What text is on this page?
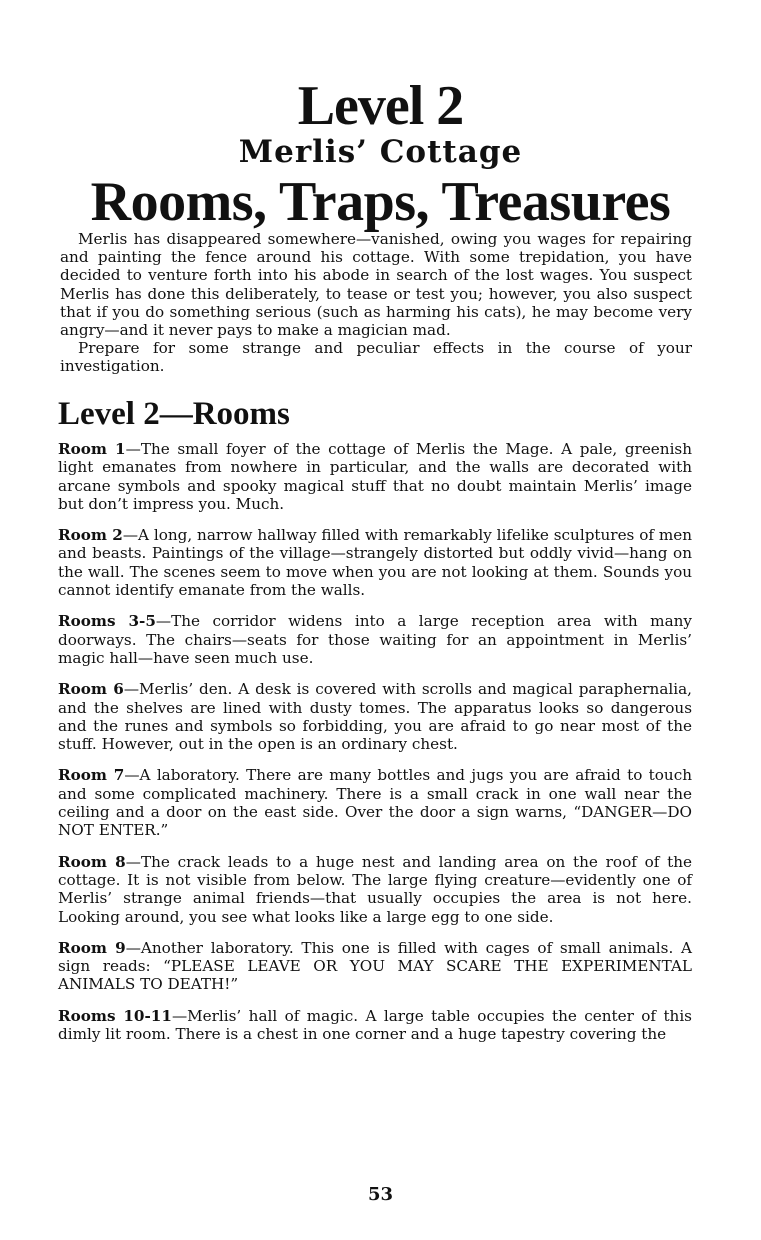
Level 2
Merlis’ Cottage
Rooms, Traps, Treasures

Merlis has disappeared somewhere—vanished, owing you wages for repairing and painting the fence around his cottage. With some trepidation, you have decided to venture forth into his abode in search of the lost wages. You suspect Merlis has done this deliberately, to tease or test you; however, you also suspect that if you do something serious (such as harming his cats), he may become very angry—and it never pays to make a magician mad.

Prepare for some strange and peculiar effects in the course of your investigation.

Level 2—Rooms

Room 1—The small foyer of the cottage of Merlis the Mage. A pale, greenish light emanates from nowhere in particular, and the walls are decorated with arcane symbols and spooky magical stuff that no doubt maintain Merlis’ image but don’t impress you. Much.

Room 2—A long, narrow hallway filled with remarkably lifelike sculptures of men and beasts. Paintings of the village—strangely distorted but oddly vivid—hang on the wall. The scenes seem to move when you are not looking at them. Sounds you cannot identify emanate from the walls.

Rooms 3-5—The corridor widens into a large reception area with many doorways. The chairs—seats for those waiting for an appointment in Merlis’ magic hall—have seen much use.

Room 6—Merlis’ den. A desk is covered with scrolls and magical paraphernalia, and the shelves are lined with dusty tomes. The apparatus looks so dangerous and the runes and symbols so forbidding, you are afraid to go near most of the stuff. However, out in the open is an ordinary chest.

Room 7—A laboratory. There are many bottles and jugs you are afraid to touch and some complicated machinery. There is a small crack in one wall near the ceiling and a door on the east side. Over the door a sign warns, “DANGER—DO NOT ENTER.”

Room 8—The crack leads to a huge nest and landing area on the roof of the cottage. It is not visible from below. The large flying creature—evidently one of Merlis’ strange animal friends—that usually occupies the area is not here. Looking around, you see what looks like a large egg to one side.

Room 9—Another laboratory. This one is filled with cages of small animals. A sign reads: “PLEASE LEAVE OR YOU MAY SCARE THE EXPERIMENTAL ANIMALS TO DEATH!”

Rooms 10-11—Merlis’ hall of magic. A large table occupies the center of this dimly lit room. There is a chest in one corner and a huge tapestry covering the

53
